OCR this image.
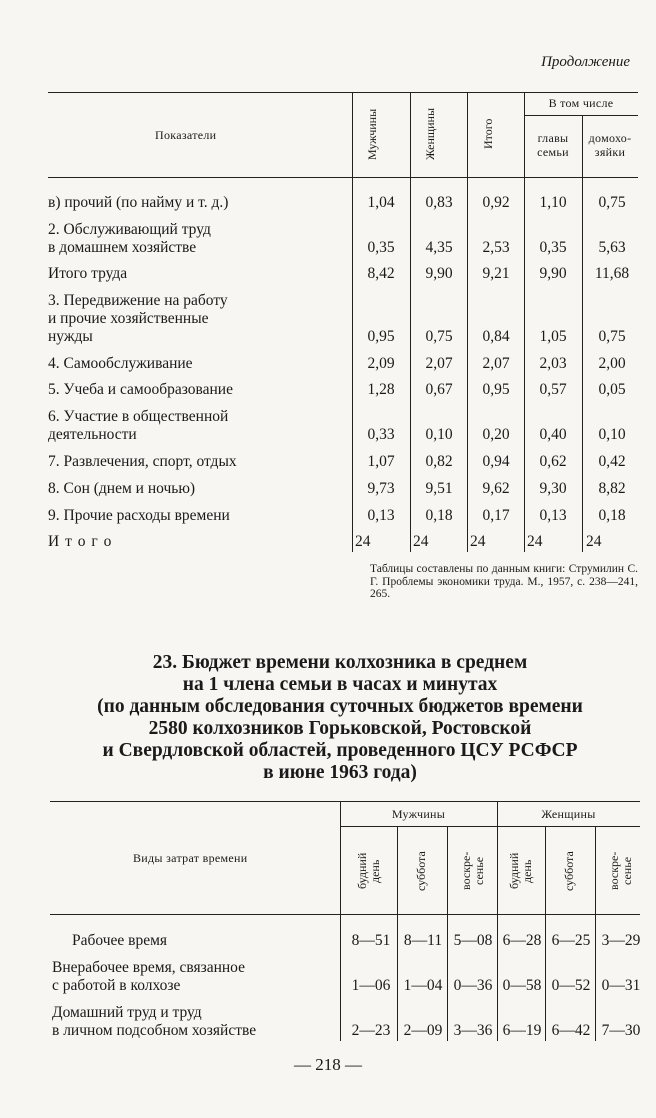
Продолжение
Показатели	Мужчины	Женщины	Итого
В том числе
главы
семьи
домохо-
зяйки
в) прочий (по найму и т. д.)	1,04	0,83	0,92	1,10	0,75
2. Обслуживающий труд
в домашнем хозяйстве	0,35	4,35	2,53	0,35	5,63
Итого труда	8,42	9,90	9,21	9,90	11,68
3. Передвижение на работу
и прочие хозяйственные
нужды	0,95	0,75	0,84	1,05	0,75
4. Самообслуживание	2,09	2,07	2,07	2,03	2,00
5. Учеба и самообразование	1,28	0,67	0,95	0,57	0,05
6. Участие в общественной
деятельности	0,33	0,10	0,20	0,40	0,10
7. Развлечения, спорт, отдых	1,07	0,82	0,94	0,62	0,42
8. Сон (днем и ночью)	9,73	9,51	9,62	9,30	8,82
9. Прочие расходы времени	0,13	0,18	0,17	0,13	0,18
И т о г о	24	24	24	24	24
Таблицы составлены по данным книги: Струмилин С. Г. Проблемы экономики труда. М., 1957, с. 238—241, 265.
23. Бюджет времени колхозника в среднем
на 1 члена семьи в часах и минутах
(по данным обследования суточных бюджетов времени
2580 колхозников Горьковской, Ростовской
и Свердловской областей, проведенного ЦСУ РСФСР
в июне 1963 года)
Виды затрат времени
Мужчины	Женщины
будний
день	суббота	воскре-
сенье будний
день суббота	воскре-
сенье
Рабочее время	8—51 8—11 5—08 6—28 6—25 3—29
Внерабочее время, связанное
с работой в колхозе	1—06 1—04 0—36 0—58 0—52 0—31
Домашний труд и труд
в личном подсобном хозяйстве	2—23 2—09 3—36 6—19 6—42 7—30
— 218 —
